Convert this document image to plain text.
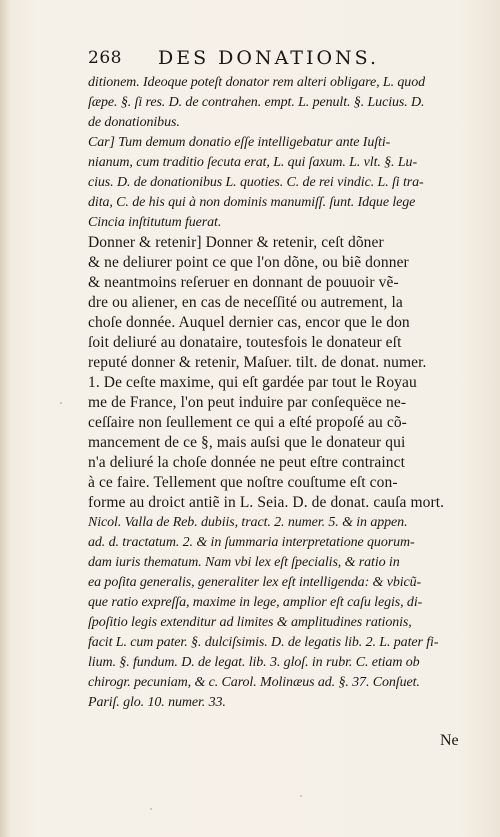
268 DES DONATIONS.
ditionem. Ideoque poteſt donator rem alteri obligare, L. quod
ſæpe. §. ſi res. D. de contrahen. empt. L. penult. §. Lucius. D.
de donationibus.
Car] Tum demum donatio eſſe intelligebatur ante Iuſti-
nianum, cum traditio ſecuta erat, L. qui ſaxum. L. vlt. §. Lu-
cius. D. de donationibus L. quoties. C. de rei vindic. L. ſi tra-
dita, C. de his qui à non dominis manumiſſ. ſunt. Idque lege
Cincia inſtitutum fuerat.
Donner & retenir] Donner & retenir, ceſt dõner
& ne deliurer point ce que l'on dõne, ou biẽ donner
& neantmoins reſeruer en donnant de pouuoir vẽ-
dre ou aliener, en cas de neceſſité ou autrement, la
choſe donnée. Auquel dernier cas, encor que le don
ſoit deliuré au donataire, toutesfois le donateur eſt
reputé donner & retenir, Maſuer. tilt. de donat. numer.
1. De ceſte maxime, qui eſt gardée par tout le Royau
me de France, l'on peut induire par conſequëce ne-
ceſſaire non ſeullement ce qui a eſté propoſé au cõ-
mancement de ce §, mais auſsi que le donateur qui
n'a deliuré la choſe donnée ne peut eſtre contrainct
à ce faire. Tellement que noſtre couſtume eſt con-
forme au droict antiẽ in L. Seia. D. de donat. cauſa mort.
Nicol. Valla de Reb. dubiis, tract. 2. numer. 5. & in appen.
ad. d. tractatum. 2. & in ſummaria interpretatione quorum-
dam iuris thematum. Nam vbi lex eſt ſpecialis, & ratio in
ea poſita generalis, generaliter lex eſt intelligenda: & vbicũ-
que ratio expreſſa, maxime in lege, amplior eſt caſu legis, di-
ſpoſitio legis extenditur ad limites & amplitudines rationis,
facit L. cum pater. §. dulciſsimis. D. de legatis lib. 2. L. pater fi-
lium. §. fundum. D. de legat. lib. 3. gloſ. in rubr. C. etiam ob
chirogr. pecuniam, & c. Carol. Molinæus ad. §. 37. Conſuet.
Pariſ. glo. 10. numer. 33.
Ne
